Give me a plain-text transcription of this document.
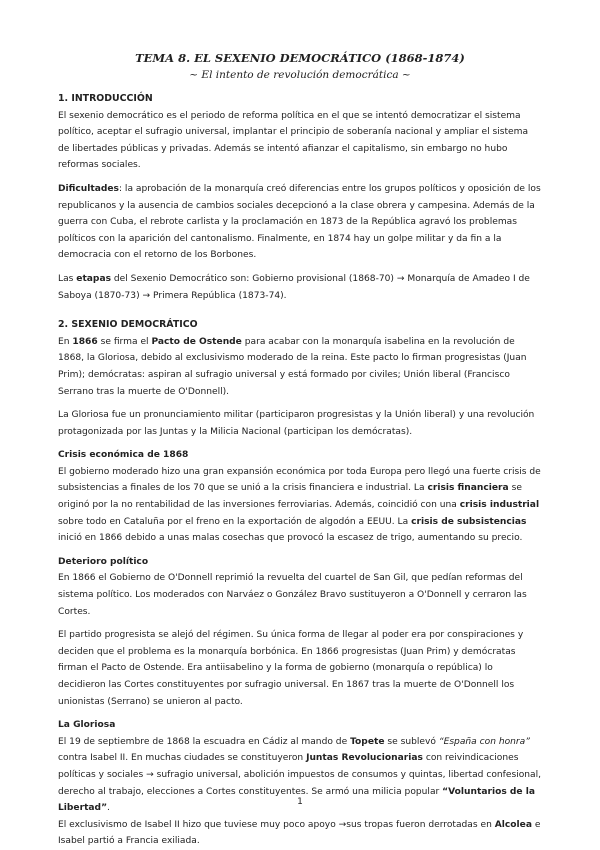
TEMA 8. EL SEXENIO DEMOCRÁTICO (1868-1874)
~ El intento de revolución democrática ~
1. INTRODUCCIÓN

El sexenio democrático es el periodo de reforma política en el que se intentó democratizar el sistema político, aceptar el sufragio universal, implantar el principio de soberanía nacional y ampliar el sistema de libertades públicas y privadas. Además se intentó afianzar el capitalismo, sin embargo no hubo reformas sociales.

Dificultades: la aprobación de la monarquía creó diferencias entre los grupos políticos y oposición de los republicanos y la ausencia de cambios sociales decepcionó a la clase obrera y campesina. Además de la guerra con Cuba, el rebrote carlista y la proclamación en 1873 de la República agravó los problemas políticos con la aparición del cantonalismo. Finalmente, en 1874 hay un golpe militar y da fin a la democracia con el retorno de los Borbones.

Las etapas del Sexenio Democrático son: Gobierno provisional (1868-70) → Monarquía de Amadeo I de Saboya (1870-73) → Primera República (1873-74).

2. SEXENIO DEMOCRÁTICO

En 1866 se firma el Pacto de Ostende para acabar con la monarquía isabelina en la revolución de 1868, la Gloriosa, debido al exclusivismo moderado de la reina. Este pacto lo firman progresistas (Juan Prim); demócratas: aspiran al sufragio universal y está formado por civiles; Unión liberal (Francisco Serrano tras la muerte de O'Donnell).

La Gloriosa fue un pronunciamiento militar (participaron progresistas y la Unión liberal) y una revolución protagonizada por las Juntas y la Milicia Nacional (participan los demócratas).

Crisis económica de 1868

El gobierno moderado hizo una gran expansión económica por toda Europa pero llegó una fuerte crisis de subsistencias a finales de los 70 que se unió a la crisis financiera e industrial. La crisis financiera se originó por la no rentabilidad de las inversiones ferroviarias. Además, coincidió con una crisis industrial sobre todo en Cataluña por el freno en la exportación de algodón a EEUU. La crisis de subsistencias inició en 1866 debido a unas malas cosechas que provocó la escasez de trigo, aumentando su precio.

Deterioro político

En 1866 el Gobierno de O'Donnell reprimió la revuelta del cuartel de San Gil, que pedían reformas del sistema político. Los moderados con Narváez o González Bravo sustituyeron a O'Donnell y cerraron las Cortes.

El partido progresista se alejó del régimen. Su única forma de llegar al poder era por conspiraciones y deciden que el problema es la monarquía borbónica. En 1866 progresistas (Juan Prim) y demócratas firman el Pacto de Ostende. Era antiisabelino y la forma de gobierno (monarquía o república) lo decidieron las Cortes constituyentes por sufragio universal. En 1867 tras la muerte de O'Donnell los unionistas (Serrano) se unieron al pacto.

La Gloriosa

El 19 de septiembre de 1868 la escuadra en Cádiz al mando de Topete se sublevó “España con honra” contra Isabel II. En muchas ciudades se constituyeron Juntas Revolucionarias con reivindicaciones políticas y sociales → sufragio universal, abolición impuestos de consumos y quintas, libertad confesional, derecho al trabajo, elecciones a Cortes constituyentes. Se armó una milicia popular “Voluntarios de la Libertad”.

El exclusivismo de Isabel II hizo que tuviese muy poco apoyo →sus tropas fueron derrotadas en Alcolea e Isabel partió a Francia exiliada.

1
